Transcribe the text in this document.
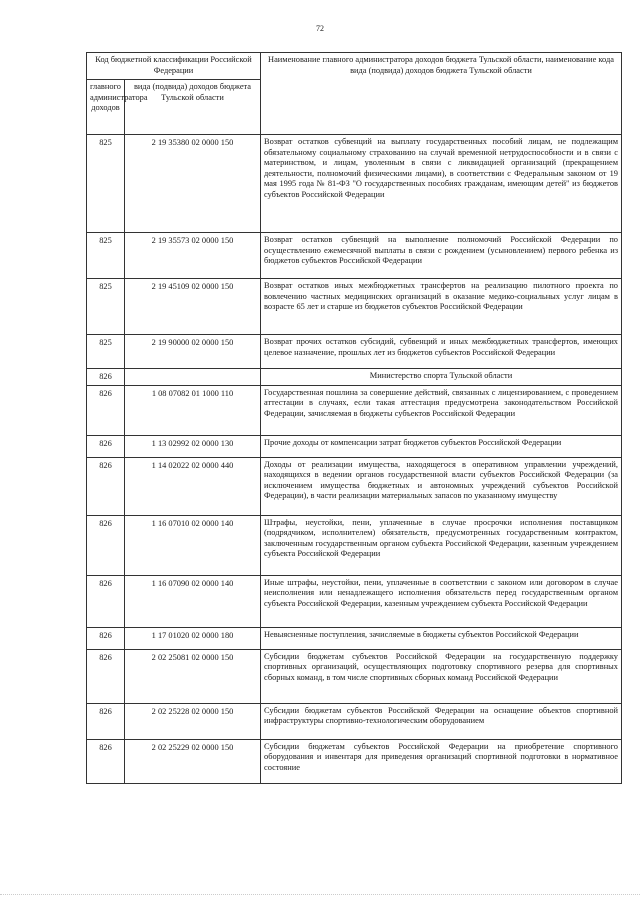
72
Код бюджетной классификации Российской Федерации		Наименование главного администратора доходов бюджета Тульской области, наименование кода вида (подвида) доходов бюджета Тульской области
главного администратора доходов	вида (подвида) доходов бюджета Тульской области	
825	2 19 35380 02 0000 150	Возврат остатков субвенций на выплату государственных пособий лицам, не подлежащим обязательному социальному страхованию на случай временной нетрудоспособности и в связи с материнством, и лицам, уволенным в связи с ликвидацией организаций (прекращением деятельности, полномочий физическими лицами), в соответствии с Федеральным законом от 19 мая 1995 года № 81-ФЗ "О государственных пособиях гражданам, имеющим детей" из бюджетов субъектов Российской Федерации
825	2 19 35573 02 0000 150	Возврат остатков субвенций на выполнение полномочий Российской Федерации по осуществлению ежемесячной выплаты в связи с рождением (усыновлением) первого ребенка из бюджетов субъектов Российской Федерации
825	2 19 45109 02 0000 150	Возврат остатков иных межбюджетных трансфертов на реализацию пилотного проекта по вовлечению частных медицинских организаций в оказание медико-социальных услуг лицам в возрасте 65 лет и старше из бюджетов субъектов Российской Федерации
825	2 19 90000 02 0000 150	Возврат прочих остатков субсидий, субвенций и иных межбюджетных трансфертов, имеющих целевое назначение, прошлых лет из бюджетов субъектов Российской Федерации
826		Министерство спорта Тульской области
826	1 08 07082 01 1000 110	Государственная пошлина за совершение действий, связанных с лицензированием, с проведением аттестации в случаях, если такая аттестация предусмотрена законодательством Российской Федерации, зачисляемая в бюджеты субъектов Российской Федерации
826	1 13 02992 02 0000 130	Прочие доходы от компенсации затрат бюджетов субъектов Российской Федерации
826	1 14 02022 02 0000 440	Доходы от реализации имущества, находящегося в оперативном управлении учреждений, находящихся в ведении органов государственной власти субъектов Российской Федерации (за исключением имущества бюджетных и автономных учреждений субъектов Российской Федерации), в части реализации материальных запасов по указанному имуществу
826	1 16 07010 02 0000 140	Штрафы, неустойки, пени, уплаченные в случае просрочки исполнения поставщиком (подрядчиком, исполнителем) обязательств, предусмотренных государственным контрактом, заключенным государственным органом субъекта Российской Федерации, казенным учреждением субъекта Российской Федерации
826	1 16 07090 02 0000 140	Иные штрафы, неустойки, пени, уплаченные в соответствии с законом или договором в случае неисполнения или ненадлежащего исполнения обязательств перед государственным органом субъекта Российской Федерации, казенным учреждением субъекта Российской Федерации
826	1 17 01020 02 0000 180	Невыясненные поступления, зачисляемые в бюджеты субъектов Российской Федерации
826	2 02 25081 02 0000 150	Субсидии бюджетам субъектов Российской Федерации на государственную поддержку спортивных организаций, осуществляющих подготовку спортивного резерва для спортивных сборных команд, в том числе спортивных сборных команд Российской Федерации
826	2 02 25228 02 0000 150	Субсидии бюджетам субъектов Российской Федерации на оснащение объектов спортивной инфраструктуры спортивно-технологическим оборудованием
826	2 02 25229 02 0000 150	Субсидии бюджетам субъектов Российской Федерации на приобретение спортивного оборудования и инвентаря для приведения организаций спортивной подготовки в нормативное состояние
